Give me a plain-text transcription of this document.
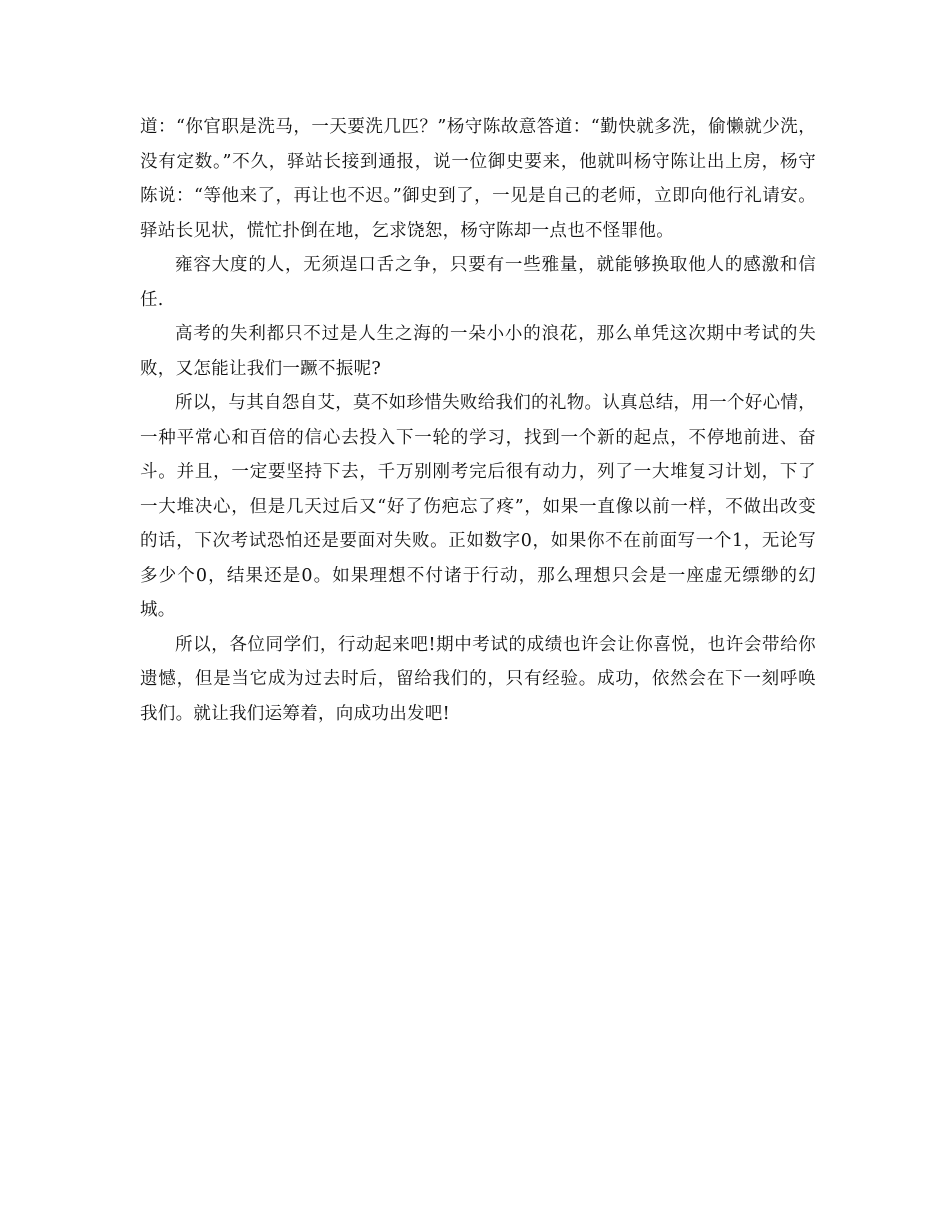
道：“你官职是洗马，一天要洗几匹？”杨守陈故意答道：“勤快就多洗，偷懒就少洗，没有定数。”不久，驿站长接到通报，说一位御史要来，他就叫杨守陈让出上房，杨守陈说：“等他来了，再让也不迟。”御史到了，一见是自己的老师，立即向他行礼请安。驿站长见状，慌忙扑倒在地，乞求饶恕，杨守陈却一点也不怪罪他。

雍容大度的人，无须逞口舌之争，只要有一些雅量，就能够换取他人的感激和信任.

高考的失利都只不过是人生之海的一朵小小的浪花，那么单凭这次期中考试的失败，又怎能让我们一蹶不振呢?

所以，与其自怨自艾，莫不如珍惜失败给我们的礼物。认真总结，用一个好心情，一种平常心和百倍的信心去投入下一轮的学习，找到一个新的起点，不停地前进、奋斗。并且，一定要坚持下去，千万别刚考完后很有动力，列了一大堆复习计划，下了一大堆决心，但是几天过后又“好了伤疤忘了疼”，如果一直像以前一样，不做出改变的话，下次考试恐怕还是要面对失败。正如数字0，如果你不在前面写一个1，无论写多少个0，结果还是0。如果理想不付诸于行动，那么理想只会是一座虚无缥缈的幻城。

所以，各位同学们，行动起来吧!期中考试的成绩也许会让你喜悦，也许会带给你遗憾，但是当它成为过去时后，留给我们的，只有经验。成功，依然会在下一刻呼唤我们。就让我们运筹着，向成功出发吧!
